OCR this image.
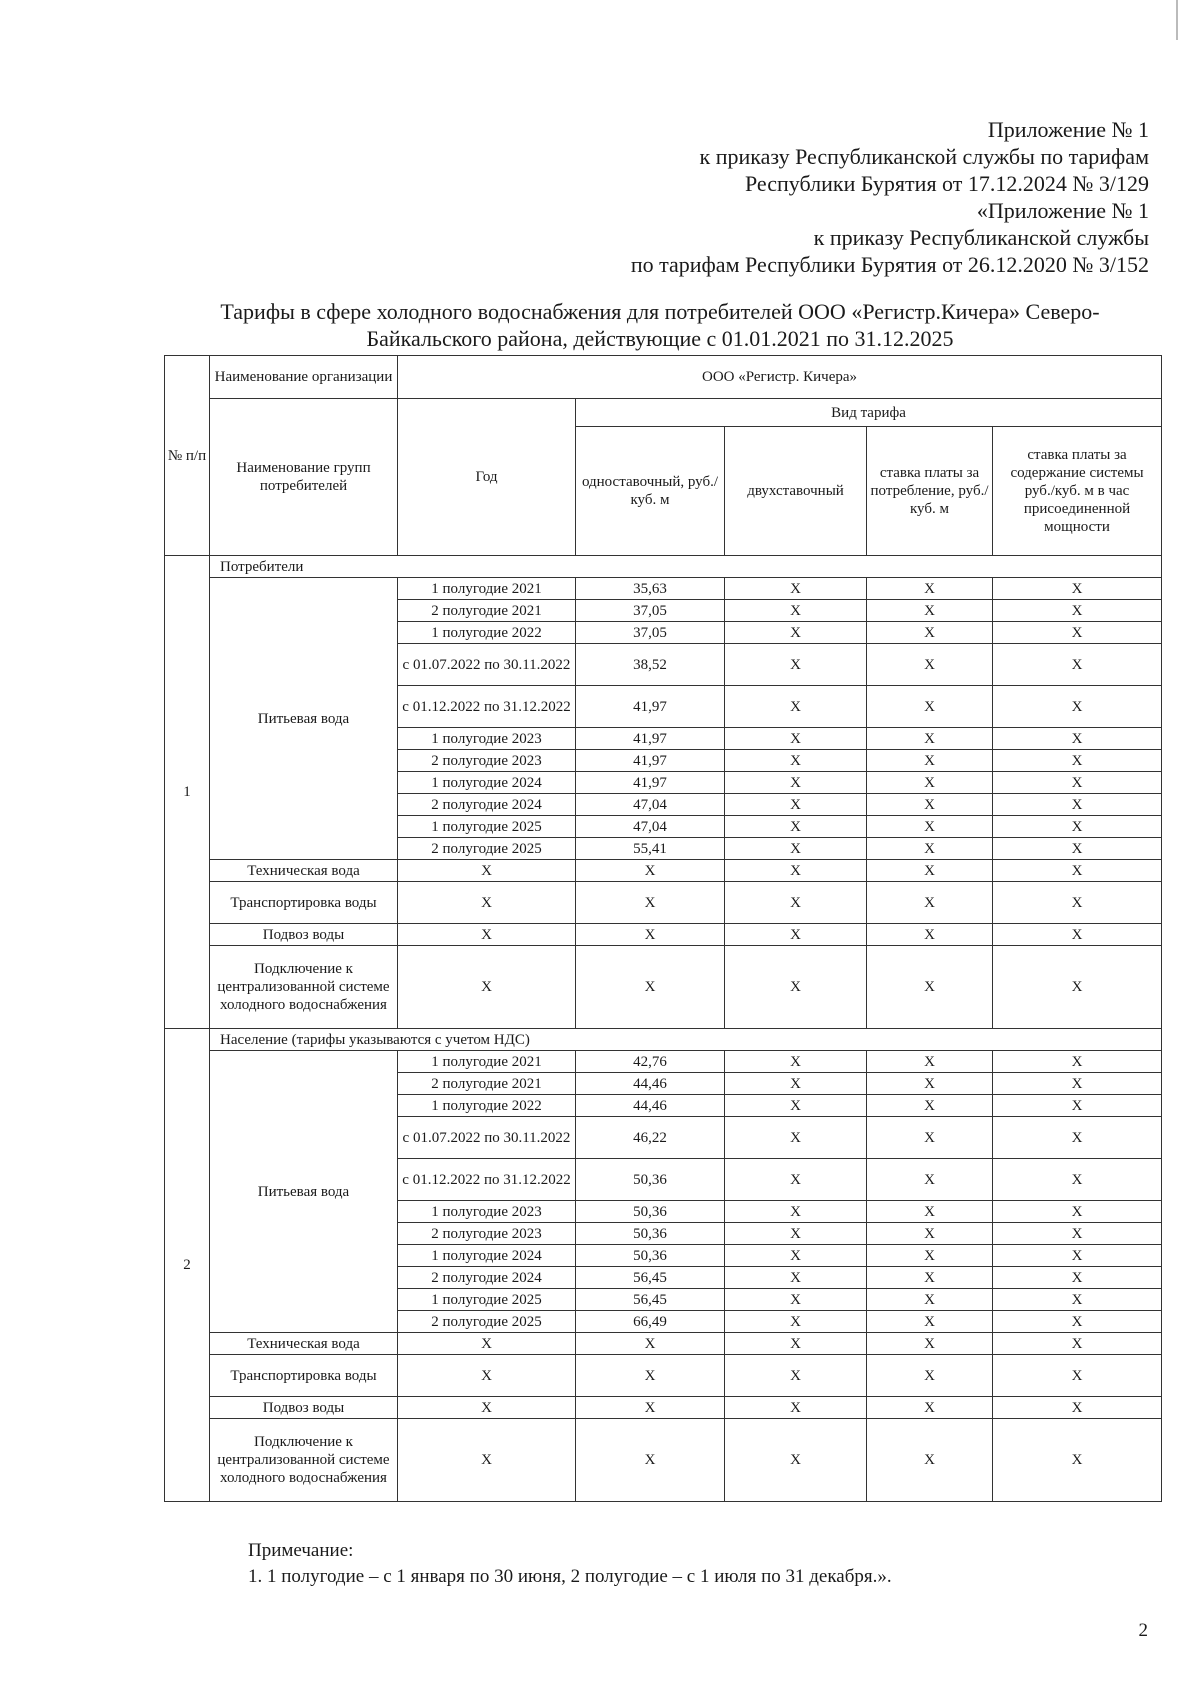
Приложение № 1
к приказу Республиканской службы по тарифам
Республики Бурятия от 17.12.2024 № 3/129
«Приложение № 1
к приказу Республиканской службы
по тарифам Республики Бурятия от 26.12.2020 № 3/152
Тарифы в сфере холодного водоснабжения для потребителей ООО «Регистр.Кичера» Северо-
Байкальского района, действующие с 01.01.2021 по 31.12.2025
№ п/п	Наименование организации	ООО «Регистр. Кичера»				
	Наименование групп потребителей	Год	Вид тарифа			
			одноставочный, руб./ куб. м	двухставочный	ставка платы за потребление, руб./ куб. м	ставка платы за содержание системы руб./куб. м в час присоединенной мощности
1	Потребители					
	Питьевая вода	1 полугодие 2021	35,63	Х	Х	Х
		2 полугодие 2021	37,05	Х	Х	Х
		1 полугодие 2022	37,05	Х	Х	Х
		с 01.07.2022 по 30.11.2022	38,52	Х	Х	Х
		с 01.12.2022 по 31.12.2022	41,97	Х	Х	Х
		1 полугодие 2023	41,97	Х	Х	Х
		2 полугодие 2023	41,97	Х	Х	Х
		1 полугодие 2024	41,97	Х	Х	Х
		2 полугодие 2024	47,04	Х	Х	Х
		1 полугодие 2025	47,04	Х	Х	Х
		2 полугодие 2025	55,41	Х	Х	Х
	Техническая вода	Х	Х	Х	Х	Х
	Транспортировка воды	Х	Х	Х	Х	Х
	Подвоз воды	Х	Х	Х	Х	Х
	Подключение к централизованной системе холодного водоснабжения	Х	Х	Х	Х	Х
2	Население (тарифы указываются с учетом НДС)					
	Питьевая вода	1 полугодие 2021	42,76	Х	Х	Х
		2 полугодие 2021	44,46	Х	Х	Х
		1 полугодие 2022	44,46	Х	Х	Х
		с 01.07.2022 по 30.11.2022	46,22	Х	Х	Х
		с 01.12.2022 по 31.12.2022	50,36	Х	Х	Х
		1 полугодие 2023	50,36	Х	Х	Х
		2 полугодие 2023	50,36	Х	Х	Х
		1 полугодие 2024	50,36	Х	Х	Х
		2 полугодие 2024	56,45	Х	Х	Х
		1 полугодие 2025	56,45	Х	Х	Х
		2 полугодие 2025	66,49	Х	Х	Х
	Техническая вода	Х	Х	Х	Х	Х
	Транспортировка воды	Х	Х	Х	Х	Х
	Подвоз воды	Х	Х	Х	Х	Х
	Подключение к централизованной системе холодного водоснабжения	Х	Х	Х	Х	Х
Примечание:
1. 1 полугодие – с 1 января по 30 июня, 2 полугодие – с 1 июля по 31 декабря.».
2
